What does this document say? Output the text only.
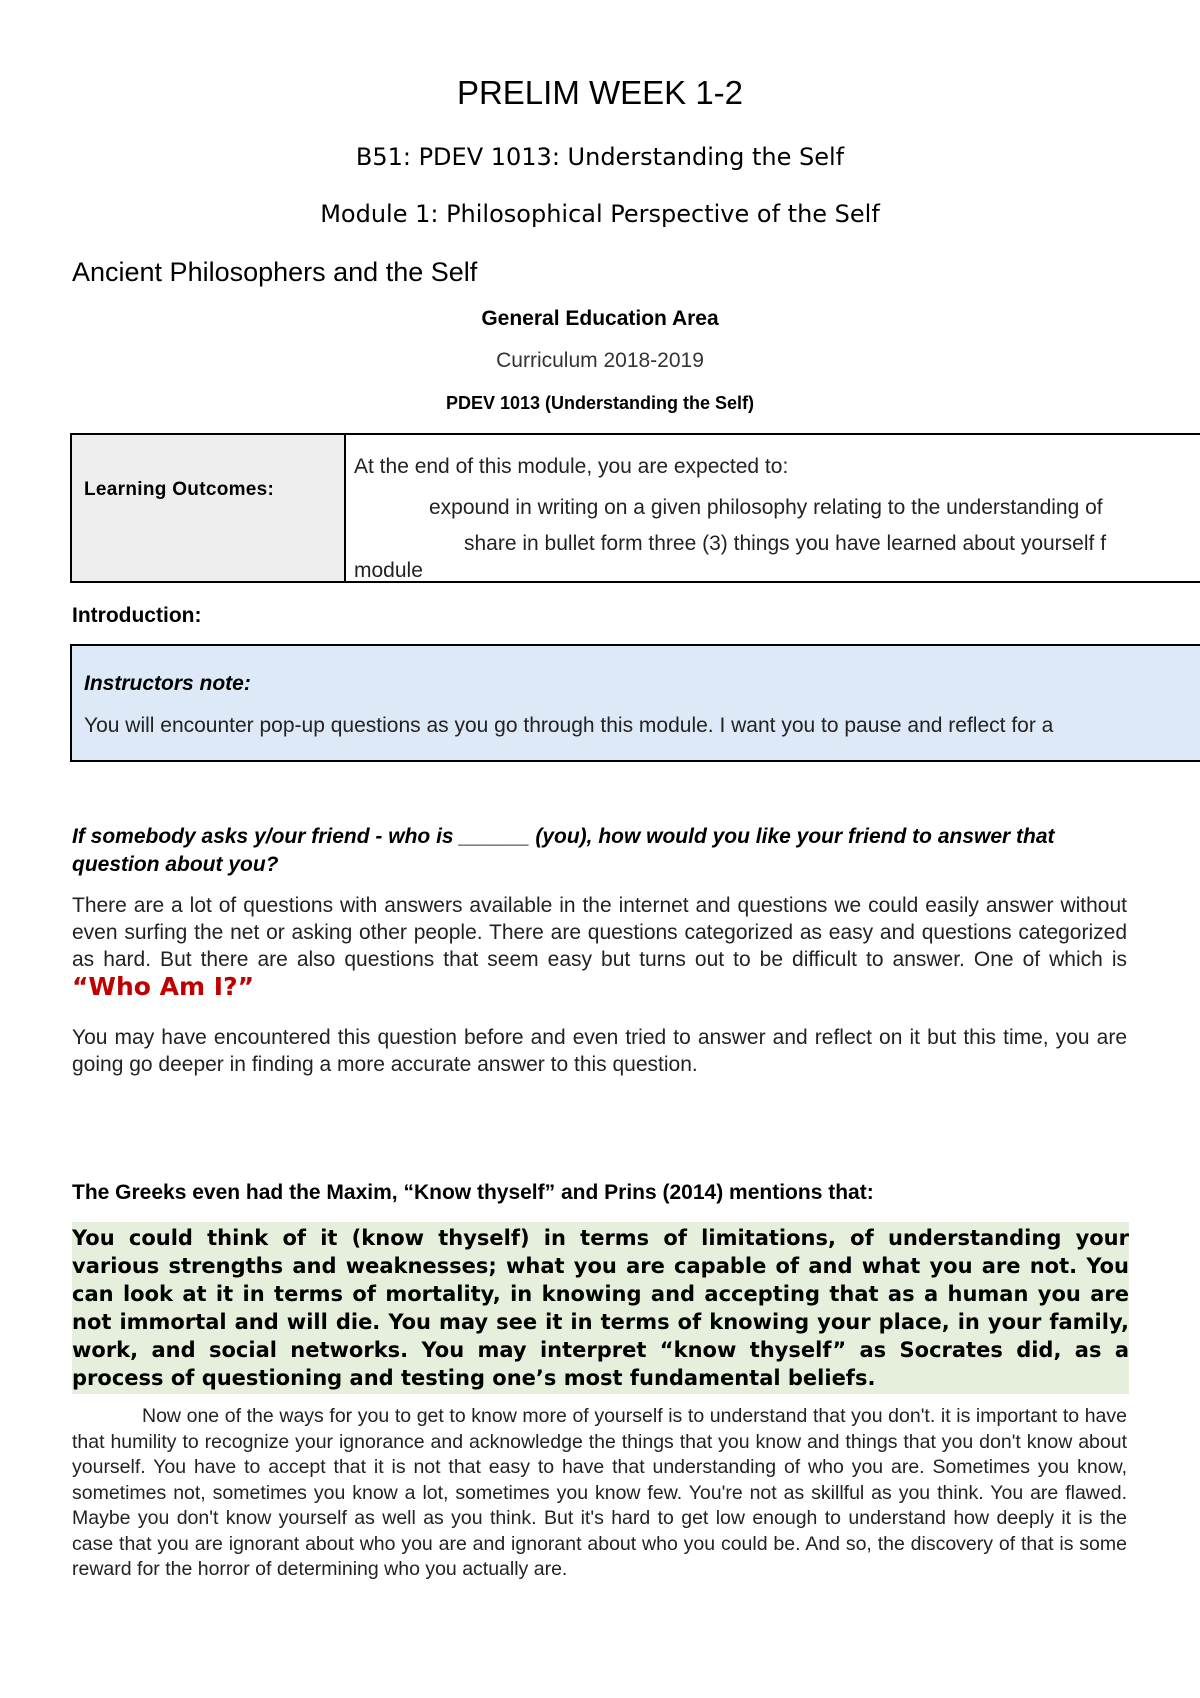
PRELIM WEEK 1-2
B51: PDEV 1013: Understanding the Self
Module 1: Philosophical Perspective of the Self
Ancient Philosophers and the Self
General Education Area
Curriculum 2018-2019
PDEV 1013 (Understanding the Self)
Learning Outcomes:
At the end of this module, you are expected to:
expound in writing on a given philosophy relating to the understanding of
share in bullet form three (3) things you have learned about yourself f
module
Introduction:
Instructors note:
You will encounter pop-up questions as you go through this module. I want you to pause and reflect for a
If somebody asks y/our friend - who is ______ (you), how would you like your friend to answer that question about you?
There are a lot of questions with answers available in the internet and questions we could easily answer without even surfing the net or asking other people. There are questions categorized as easy and questions categorized as hard. But there are also questions that seem easy but turns out to be difficult to answer. One of which is “Who Am I?”
You may have encountered this question before and even tried to answer and reflect on it but this time, you are going go deeper in finding a more accurate answer to this question.
The Greeks even had the Maxim, “Know thyself” and Prins (2014) mentions that:
You could think of it (know thyself) in terms of limitations, of understanding your various strengths and weaknesses; what you are capable of and what you are not. You can look at it in terms of mortality, in knowing and accepting that as a human you are not immortal and will die. You may see it in terms of knowing your place, in your family, work, and social networks. You may interpret “know thyself” as Socrates did, as a process of questioning and testing one’s most fundamental beliefs.
Now one of the ways for you to get to know more of yourself is to understand that you don't. it is important to have that humility to recognize your ignorance and acknowledge the things that you know and things that you don't know about yourself. You have to accept that it is not that easy to have that understanding of who you are. Sometimes you know, sometimes not, sometimes you know a lot, sometimes you know few. You're not as skillful as you think. You are flawed. Maybe you don't know yourself as well as you think. But it's hard to get low enough to understand how deeply it is the case that you are ignorant about who you are and ignorant about who you could be. And so, the discovery of that is some reward for the horror of determining who you actually are.
